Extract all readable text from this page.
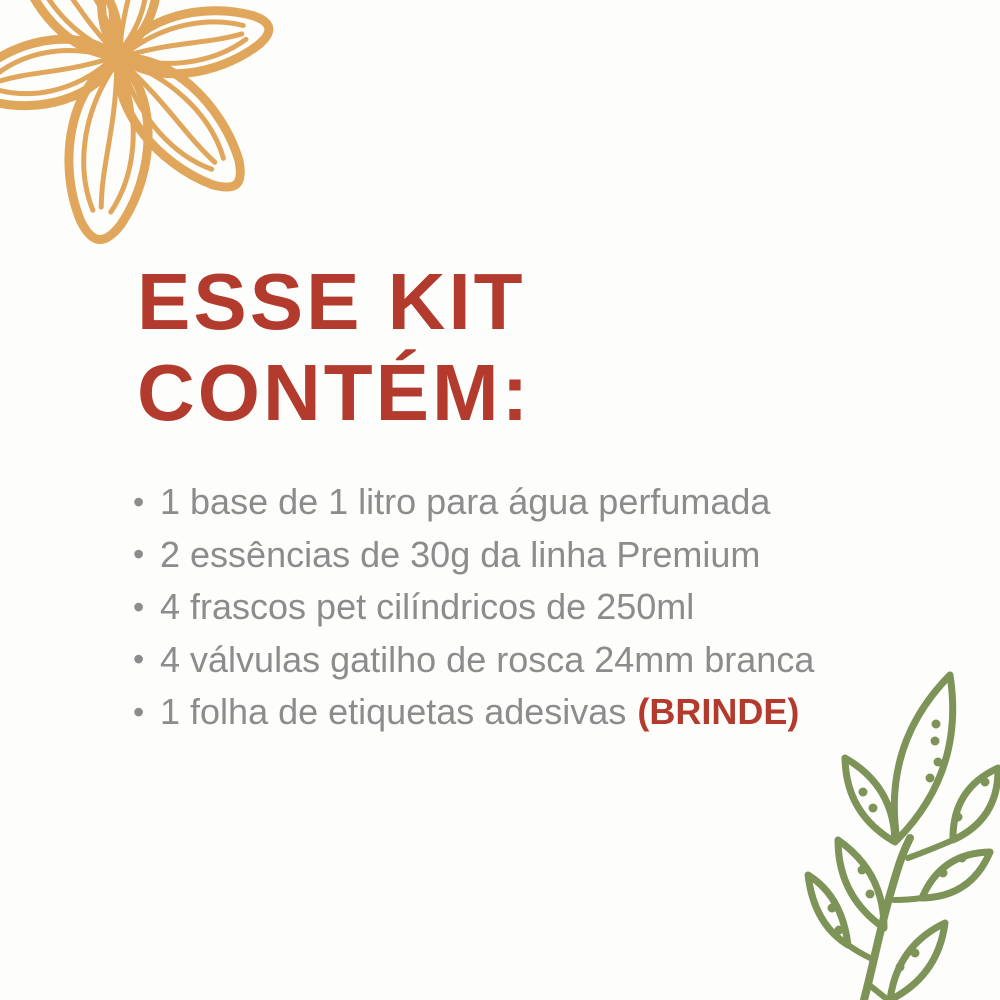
ESSE KIT
CONTÉM:
• 1 base de 1 litro para água perfumada
• 2 essências de 30g da linha Premium
• 4 frascos pet cilíndricos de 250ml
• 4 válvulas gatilho de rosca 24mm branca
• 1 folha de etiquetas adesivas (BRINDE)
